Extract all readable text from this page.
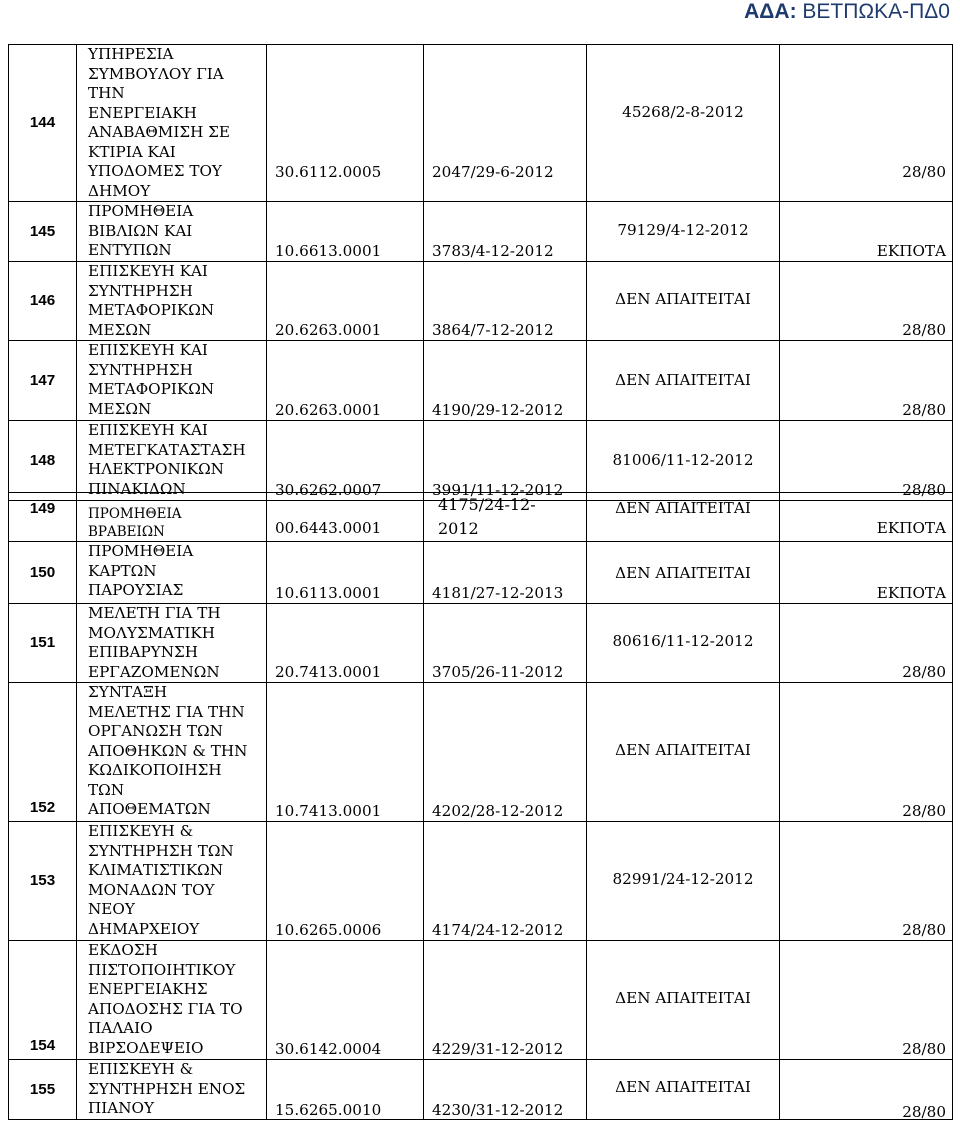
ΑΔΑ: ΒΕΤΠΩΚΑ-ΠΔ0
144	ΥΠΗΡΕΣΙΑ ΣΥΜΒΟΥΛΟΥ ΓΙΑ ΤΗΝ ΕΝΕΡΓΕΙΑΚΗ ΑΝΑΒΑΘΜΙΣΗ ΣΕ ΚΤΙΡΙΑ ΚΑΙ ΥΠΟΔΟΜΕΣ ΤΟΥ ΔΗΜΟΥ	30.6112.0005	2047/29-6-2012	45268/2-8-2012	28/80

145	ΠΡΟΜΗΘΕΙΑ ΒΙΒΛΙΩΝ ΚΑΙ ΕΝΤΥΠΩΝ	10.6613.0001	3783/4-12-2012	79129/4-12-2012	ΕΚΠΟΤΑ

146	ΕΠΙΣΚΕΥΗ ΚΑΙ ΣΥΝΤΗΡΗΣΗ ΜΕΤΑΦΟΡΙΚΩΝ ΜΕΣΩΝ	20.6263.0001	3864/7-12-2012	ΔΕΝ ΑΠΑΙΤΕΙΤΑΙ	28/80

147	ΕΠΙΣΚΕΥΗ ΚΑΙ ΣΥΝΤΗΡΗΣΗ ΜΕΤΑΦΟΡΙΚΩΝ ΜΕΣΩΝ	20.6263.0001	4190/29-12-2012	ΔΕΝ ΑΠΑΙΤΕΙΤΑΙ	28/80

148	ΕΠΙΣΚΕΥΗ ΚΑΙ ΜΕΤΕΓΚΑΤΑΣΤΑΣΗ ΗΛΕΚΤΡΟΝΙΚΩΝ ΠΙΝΑΚΙΔΩΝ	30.6262.0007	3991/11-12-2012	81006/11-12-2012	28/80
149	ΠΡΟΜΗΘΕΙΑ ΒΡΑΒΕΙΩΝ	00.6443.0001	4175/24-12-2012	ΔΕΝ ΑΠΑΙΤΕΙΤΑΙ	ΕΚΠΟΤΑ

150	ΠΡΟΜΗΘΕΙΑ ΚΑΡΤΩΝ ΠΑΡΟΥΣΙΑΣ	10.6113.0001	4181/27-12-2013	ΔΕΝ ΑΠΑΙΤΕΙΤΑΙ	ΕΚΠΟΤΑ

151	ΜΕΛΕΤΗ ΓΙΑ ΤΗ ΜΟΛΥΣΜΑΤΙΚΗ ΕΠΙΒΑΡΥΝΣΗ ΕΡΓΑΖΟΜΕΝΩΝ	20.7413.0001	3705/26-11-2012	80616/11-12-2012	28/80

152	ΣΥΝΤΑΞΗ ΜΕΛΕΤΗΣ ΓΙΑ ΤΗΝ ΟΡΓΑΝΩΣΗ ΤΩΝ ΑΠΟΘΗΚΩΝ & ΤΗΝ ΚΩΔΙΚΟΠΟΙΗΣΗ ΤΩΝ ΑΠΟΘΕΜΑΤΩΝ	10.7413.0001	4202/28-12-2012	ΔΕΝ ΑΠΑΙΤΕΙΤΑΙ	28/80

153	ΕΠΙΣΚΕΥΗ & ΣΥΝΤΗΡΗΣΗ ΤΩΝ ΚΛΙΜΑΤΙΣΤΙΚΩΝ ΜΟΝΑΔΩΝ ΤΟΥ ΝΕΟΥ ΔΗΜΑΡΧΕΙΟΥ	10.6265.0006	4174/24-12-2012	82991/24-12-2012	28/80

154	ΕΚΔΟΣΗ ΠΙΣΤΟΠΟΙΗΤΙΚΟΥ ΕΝΕΡΓΕΙΑΚΗΣ ΑΠΟΔΟΣΗΣ ΓΙΑ ΤΟ ΠΑΛΑΙΟ ΒΙΡΣΟΔΕΨΕΙΟ	30.6142.0004	4229/31-12-2012	ΔΕΝ ΑΠΑΙΤΕΙΤΑΙ	28/80

155	ΕΠΙΣΚΕΥΗ & ΣΥΝΤΗΡΗΣΗ ΕΝΟΣ ΠΙΑΝΟΥ	15.6265.0010	4230/31-12-2012	ΔΕΝ ΑΠΑΙΤΕΙΤΑΙ	28/80
